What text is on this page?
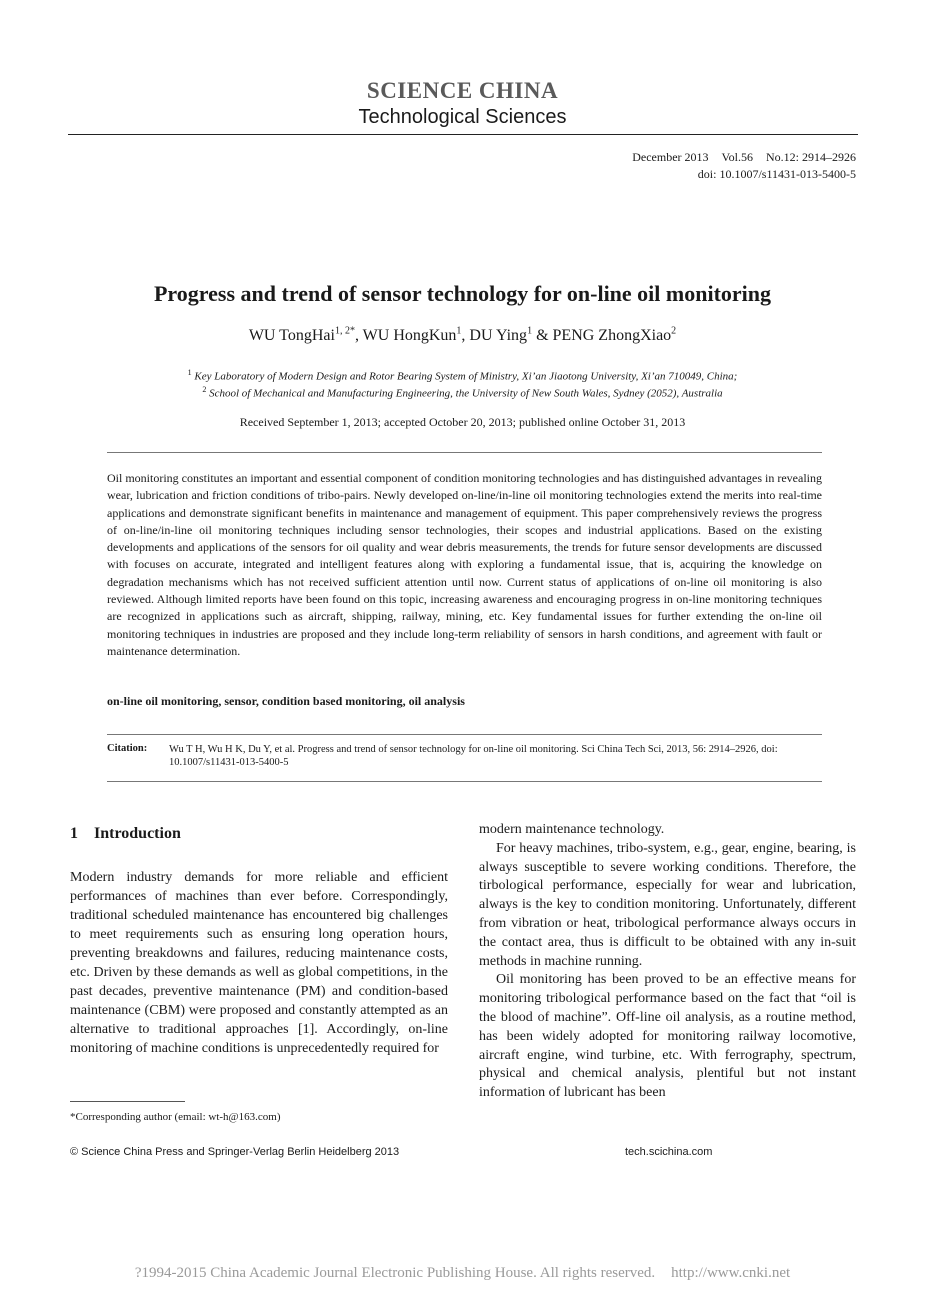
SCIENCE CHINA
Technological Sciences
December 2013 Vol.56 No.12: 2914–2926
doi: 10.1007/s11431-013-5400-5
Progress and trend of sensor technology for on-line oil monitoring
WU TongHai$^{1, 2*}$, WU HongKun$^1$, DU Ying$^1$ & PENG ZhongXiao$^2$
$^1$ Key Laboratory of Modern Design and Rotor Bearing System of Ministry, Xi’an Jiaotong University, Xi’an 710049, China;
$^2$ School of Mechanical and Manufacturing Engineering, the University of New South Wales, Sydney (2052), Australia
Received September 1, 2013; accepted October 20, 2013; published online October 31, 2013
Oil monitoring constitutes an important and essential component of condition monitoring technologies and has distinguished advantages in revealing wear, lubrication and friction conditions of tribo-pairs. Newly developed on-line/in-line oil monitoring technologies extend the merits into real-time applications and demonstrate significant benefits in maintenance and management of equipment. This paper comprehensively reviews the progress of on-line/in-line oil monitoring techniques including sensor technologies, their scopes and industrial applications. Based on the existing developments and applications of the sensors for oil quality and wear debris measurements, the trends for future sensor developments are discussed with focuses on accurate, integrated and intelligent features along with exploring a fundamental issue, that is, acquiring the knowledge on degradation mechanisms which has not received sufficient attention until now. Current status of applications of on-line oil monitoring is also reviewed. Although limited reports have been found on this topic, increasing awareness and encouraging progress in on-line monitoring techniques are recognized in applications such as aircraft, shipping, railway, mining, etc. Key fundamental issues for further extending the on-line oil monitoring techniques in industries are proposed and they include long-term reliability of sensors in harsh conditions, and agreement with fault or maintenance determination.
on-line oil monitoring, sensor, condition based monitoring, oil analysis
Citation: Wu T H, Wu H K, Du Y, et al. Progress and trend of sensor technology for on-line oil monitoring. Sci China Tech Sci, 2013, 56: 2914–2926, doi: 10.1007/s11431-013-5400-5
1 Introduction

Modern industry demands for more reliable and efficient performances of machines than ever before. Correspondingly, traditional scheduled maintenance has encountered big challenges to meet requirements such as ensuring long operation hours, preventing breakdowns and failures, reducing maintenance costs, etc. Driven by these demands as well as global competitions, in the past decades, preventive maintenance (PM) and condition-based maintenance (CBM) were proposed and constantly attempted as an alternative to traditional approaches [1]. Accordingly, on-line monitoring of machine conditions is unprecedentedly required for

modern maintenance technology.

For heavy machines, tribo-system, e.g., gear, engine, bearing, is always susceptible to severe working conditions. Therefore, the tirbological performance, especially for wear and lubrication, always is the key to condition monitoring. Unfortunately, different from vibration or heat, tribological performance always occurs in the contact area, thus is difficult to be obtained with any in-suit methods in machine running.

Oil monitoring has been proved to be an effective means for monitoring tribological performance based on the fact that “oil is the blood of machine”. Off-line oil analysis, as a routine method, has been widely adopted for monitoring railway locomotive, aircraft engine, wind turbine, etc. With ferrography, spectrum, physical and chemical analysis, plentiful but not instant information of lubricant has been

*Corresponding author (email: wt-h@163.com)
© Science China Press and Springer-Verlag Berlin Heidelberg 2013	tech.scichina.com
?1994-2015 China Academic Journal Electronic Publishing House. All rights reserved. http://www.cnki.net
